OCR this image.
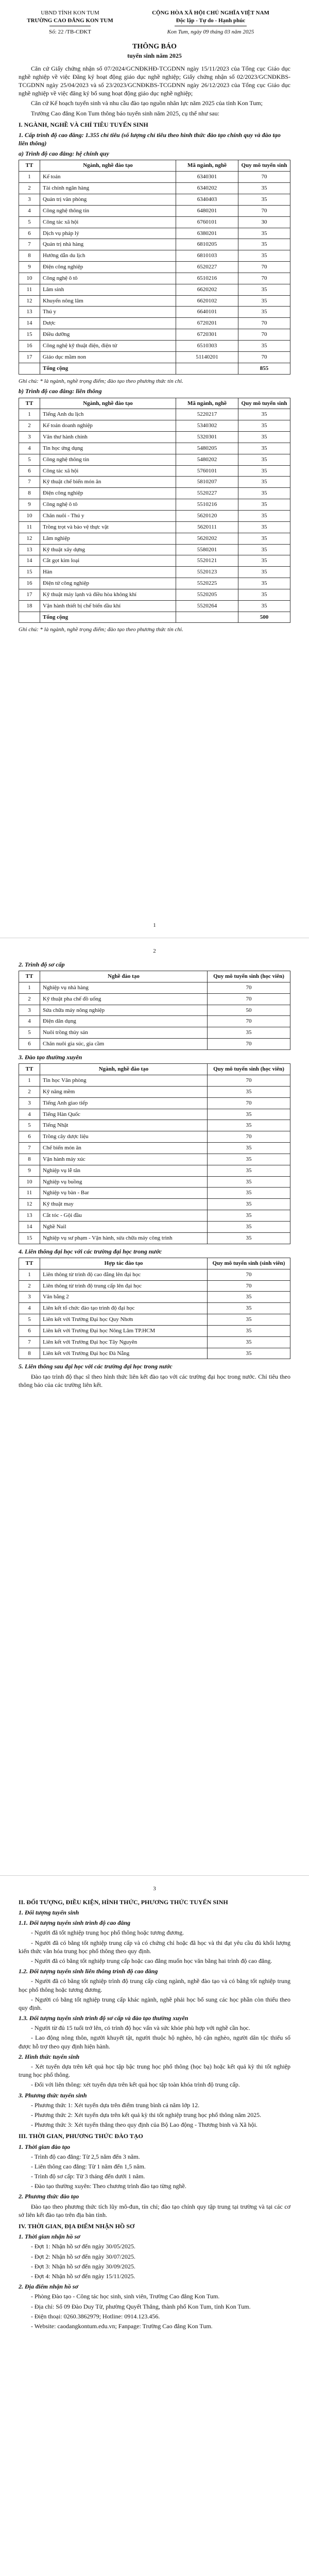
UBND TỈNH KON TUM
TRƯỜNG CAO ĐẲNG KON TUM
Số: 22 /TB-CĐKT
CỘNG HÒA XÃ HỘI CHỦ NGHĨA VIỆT NAM
Độc lập - Tự do - Hạnh phúc
Kon Tum, ngày 09 tháng 03 năm 2025
THÔNG BÁO
tuyển sinh năm 2025

Căn cứ Giấy chứng nhận số 07/2024/GCNĐKHĐ-TCGDNN ngày 15/11/2023 của Tổng cục Giáo dục nghề nghiệp về việc Đăng ký hoạt động giáo dục nghề nghiệp; Giấy chứng nhận số 02/2023/GCNĐKBS-TCGDNN ngày 25/04/2023 và số 23/2023/GCNĐKBS-TCGDNN ngày 26/12/2023 của Tổng cục Giáo dục nghề nghiệp về việc đăng ký bổ sung hoạt động giáo dục nghề nghiệp;

Căn cứ Kế hoạch tuyển sinh và nhu cầu đào tạo nguồn nhân lực năm 2025 của tỉnh Kon Tum;

Trường Cao đẳng Kon Tum thông báo tuyển sinh năm 2025, cụ thể như sau:

I. NGÀNH, NGHỀ VÀ CHỈ TIÊU TUYỂN SINH
1. Cấp trình độ cao đẳng: 1.355 chỉ tiêu (số lượng chỉ tiêu theo hình thức đào tạo chính quy và đào tạo liên thông)
a) Trình độ cao đẳng: hệ chính quy
TT	Ngành, nghề đào tạo	Mã ngành, nghề	Quy mô tuyển sinh
1	Kế toán	6340301	70
2	Tài chính ngân hàng	6340202	35
3	Quản trị văn phòng	6340403	35
4	Công nghệ thông tin	6480201	70
5	Công tác xã hội	6760101	30
6	Dịch vụ pháp lý	6380201	35
7	Quản trị nhà hàng	6810205	35
8	Hướng dẫn du lịch	6810103	35
9	Điện công nghiệp	6520227	70
10	Công nghệ ô tô	6510216	70
11	Lâm sinh	6620202	35
12	Khuyến nông lâm	6620102	35
13	Thú y	6640101	35
14	Dược	6720201	70
15	Điều dưỡng	6720301	70
16	Công nghệ kỹ thuật điện, điện tử	6510303	35
17	Giáo dục mầm non	51140201	70
	Tổng cộng		855
Ghi chú: * là ngành, nghề trọng điểm; đào tạo theo phương thức tín chỉ.
b) Trình độ cao đẳng: liên thông
TT	Ngành, nghề đào tạo	Mã ngành, nghề	Quy mô tuyển sinh
1	Tiếng Anh du lịch	5220217	35
2	Kế toán doanh nghiệp	5340302	35
3	Văn thư hành chính	5320301	35
4	Tin học ứng dụng	5480205	35
5	Công nghệ thông tin	5480202	35
6	Công tác xã hội	5760101	35
7	Kỹ thuật chế biến món ăn	5810207	35
8	Điện công nghiệp	5520227	35
9	Công nghệ ô tô	5510216	35
10	Chăn nuôi - Thú y	5620120	35
11	Trồng trọt và bảo vệ thực vật	5620111	35
12	Lâm nghiệp	5620202	35
13	Kỹ thuật xây dựng	5580201	35
14	Cắt gọt kim loại	5520121	35
15	Hàn	5520123	35
16	Điện tử công nghiệp	5520225	35
17	Kỹ thuật máy lạnh và điều hòa không khí	5520205	35
18	Vận hành thiết bị chế biến dầu khí	5520264	35
	Tổng cộng		500
Ghi chú: * là ngành, nghề trọng điểm; đào tạo theo phương thức tín chỉ.
1
2
2. Trình độ sơ cấp
TT	Nghề đào tạo	Quy mô tuyển sinh (học viên)
1	Nghiệp vụ nhà hàng	70
2	Kỹ thuật pha chế đồ uống	70
3	Sửa chữa máy nông nghiệp	50
4	Điện dân dụng	70
5	Nuôi trồng thủy sản	35
6	Chăn nuôi gia súc, gia cầm	70
3. Đào tạo thường xuyên
TT	Ngành, nghề đào tạo	Quy mô tuyển sinh (học viên)
1	Tin học Văn phòng	70
2	Kỹ năng mềm	35
3	Tiếng Anh giao tiếp	70
4	Tiếng Hàn Quốc	35
5	Tiếng Nhật	35
6	Trồng cây dược liệu	70
7	Chế biến món ăn	35
8	Vận hành máy xúc	35
9	Nghiệp vụ lễ tân	35
10	Nghiệp vụ buồng	35
11	Nghiệp vụ bàn - Bar	35
12	Kỹ thuật may	35
13	Cắt tóc - Gội đầu	35
14	Nghề Nail	35
15	Nghiệp vụ sư phạm - Vận hành, sửa chữa máy công trình	35
4. Liên thông đại học với các trường đại học trong nước
TT	Hợp tác đào tạo	Quy mô tuyển sinh (sinh viên)
1	Liên thông từ trình độ cao đẳng lên đại học	70
2	Liên thông từ trình độ trung cấp lên đại học	70
3	Văn bằng 2	35
4	Liên kết tổ chức đào tạo trình độ đại học	35
5	Liên kết với Trường Đại học Quy Nhơn	35
6	Liên kết với Trường Đại học Nông Lâm TP.HCM	35
7	Liên kết với Trường Đại học Tây Nguyên	35
8	Liên kết với Trường Đại học Đà Nẵng	35
5. Liên thông sau đại học với các trường đại học trong nước

Đào tạo trình độ thạc sĩ theo hình thức liên kết đào tạo với các trường đại học trong nước. Chỉ tiêu theo thông báo của các trường liên kết.

3
II. ĐỐI TƯỢNG, ĐIỀU KIỆN, HÌNH THỨC, PHƯƠNG THỨC TUYỂN SINH
1. Đối tượng tuyển sinh
1.1. Đối tượng tuyển sinh trình độ cao đẳng

- Người đã tốt nghiệp trung học phổ thông hoặc tương đương.

- Người đã có bằng tốt nghiệp trung cấp và có chứng chỉ hoặc đã học và thi đạt yêu cầu đủ khối lượng kiến thức văn hóa trung học phổ thông theo quy định.

- Người đã có bằng tốt nghiệp trung cấp hoặc cao đẳng muốn học văn bằng hai trình độ cao đẳng.

1.2. Đối tượng tuyển sinh liên thông trình độ cao đẳng

- Người đã có bằng tốt nghiệp trình độ trung cấp cùng ngành, nghề đào tạo và có bằng tốt nghiệp trung học phổ thông hoặc tương đương.

- Người có bằng tốt nghiệp trung cấp khác ngành, nghề phải học bổ sung các học phần còn thiếu theo quy định.

1.3. Đối tượng tuyển sinh trình độ sơ cấp và đào tạo thường xuyên

- Người từ đủ 15 tuổi trở lên, có trình độ học vấn và sức khỏe phù hợp với nghề cần học.

- Lao động nông thôn, người khuyết tật, người thuộc hộ nghèo, hộ cận nghèo, người dân tộc thiểu số được hỗ trợ theo quy định hiện hành.

2. Hình thức tuyển sinh

- Xét tuyển dựa trên kết quả học tập bậc trung học phổ thông (học bạ) hoặc kết quả kỳ thi tốt nghiệp trung học phổ thông.

- Đối với liên thông: xét tuyển dựa trên kết quả học tập toàn khóa trình độ trung cấp.

3. Phương thức tuyển sinh

- Phương thức 1: Xét tuyển dựa trên điểm trung bình cả năm lớp 12.

- Phương thức 2: Xét tuyển dựa trên kết quả kỳ thi tốt nghiệp trung học phổ thông năm 2025.

- Phương thức 3: Xét tuyển thẳng theo quy định của Bộ Lao động - Thương binh và Xã hội.

III. THỜI GIAN, PHƯƠNG THỨC ĐÀO TẠO
1. Thời gian đào tạo

- Trình độ cao đẳng: Từ 2,5 năm đến 3 năm.

- Liên thông cao đẳng: Từ 1 năm đến 1,5 năm.

- Trình độ sơ cấp: Từ 3 tháng đến dưới 1 năm.

- Đào tạo thường xuyên: Theo chương trình đào tạo từng nghề.

2. Phương thức đào tạo

Đào tạo theo phương thức tích lũy mô-đun, tín chỉ; đào tạo chính quy tập trung tại trường và tại các cơ sở liên kết đào tạo trên địa bàn tỉnh.

IV. THỜI GIAN, ĐỊA ĐIỂM NHẬN HỒ SƠ
1. Thời gian nhận hồ sơ

- Đợt 1: Nhận hồ sơ đến ngày 30/05/2025.

- Đợt 2: Nhận hồ sơ đến ngày 30/07/2025.

- Đợt 3: Nhận hồ sơ đến ngày 30/09/2025.

- Đợt 4: Nhận hồ sơ đến ngày 15/11/2025.

2. Địa điểm nhận hồ sơ

- Phòng Đào tạo - Công tác học sinh, sinh viên, Trường Cao đẳng Kon Tum.

- Địa chỉ: Số 09 Đào Duy Từ, phường Quyết Thắng, thành phố Kon Tum, tỉnh Kon Tum.

- Điện thoại: 0260.3862979; Hotline: 0914.123.456.

- Website: caodangkontum.edu.vn; Fanpage: Trường Cao đẳng Kon Tum.
